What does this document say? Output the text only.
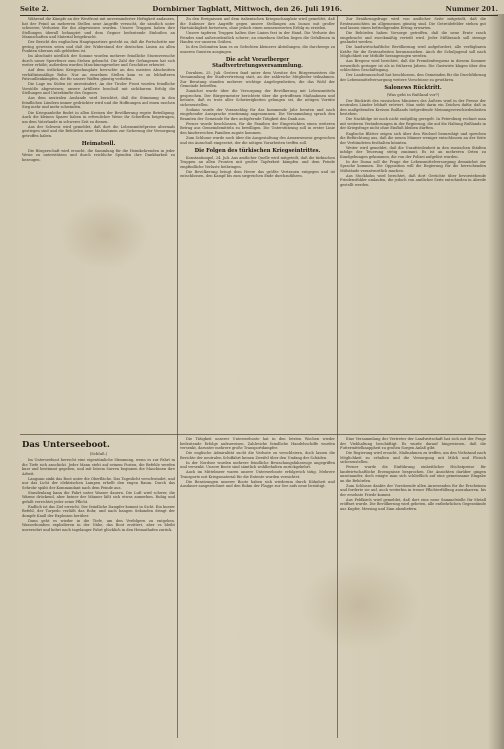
Seite 2.	Dornbirner Tagblatt, Mittwoch, den 26. Juli 1916.	Nummer 201.

Während die Kämpfe an der Westfront mit unverminderter Heftigkeit andauern, hat der Feind an mehreren Stellen neue Angriffe versucht, die sämtlich unter schweren Verlusten für ihn abgewiesen wurden. Unsere Truppen haben ihre Stellungen überall behauptet und dem Gegner bedeutende Einbußen an Mannschaften und Material beigebracht.

Der Bericht des englischen Hauptquartiers gesteht zu, daß die Fortschritte nur gering gewesen seien und daß der Widerstand der deutschen Linien an allen Punkten überaus zäh geblieben ist.

Im Abschnitt nördlich der Somme wurden mehrere feindliche Sturmversuche durch unser Sperrfeuer zum Stehen gebracht. Die Zahl der Gefangenen hat sich weiter erhöht; außerdem wurden Maschinengewehre und Geschütze erbeutet.

Auf dem östlichen Kriegsschauplatz herrschte an den meisten Abschnitten verhältnismäßige Ruhe. Nur an einzelnen Stellen kam es zu lebhafteren Patrouillenkämpfen, die für unsere Waffen günstig verliefen.

Die Lage im Süden ist unverändert. An der Tiroler Front wurden feindliche Vorstöße abgewiesen; unsere Artillerie beschoß mit sichtbarem Erfolg die Stellungen und Unterkünfte des Gegners.

Aus dem neutralen Auslande wird berichtet, daß die Stimmung in den feindlichen Ländern immer gedrückter wird und die Hoffnungen auf einen raschen Sieg mehr und mehr schwinden.

Die Kriegsanleihe findet in allen Kreisen der Bevölkerung regste Beteiligung. Auch die kleinen Sparer haben in erfreulicher Weise ihr Scherflein beigetragen, um dem Vaterlande in schwerer Zeit zu dienen.

Aus der Schweiz wird gemeldet, daß dort die Lebensmittelpreise abermals gestiegen sind und die Behörden neue Maßnahmen zur Sicherung der Versorgung getroffen haben.

Heimatsoll.

Die Bürgerschaft wird ersucht, die Sammlung für die Heimkehrenden in jeder Weise zu unterstützen und durch reichliche Spenden ihre Dankbarkeit zu bezeugen.

Zu den Ereignissen auf dem italienischen Kriegsschauplatz wird gemeldet, daß die Italiener ihre Angriffe gegen unsere Stellungen am Isonzo mit großer Hartnäckigkeit fortsetzen, ohne jedoch einen nennenswerten Erfolg zu erzielen.

Unsere tapferen Truppen halten ihre Linien fest in der Hand. Die Verluste des Feindes sind außerordentlich schwer; an einzelnen Stellen liegen die Gefallenen in Haufen vor unseren Gräben.

In den Dolomiten kam es zu Gefechten kleinerer Abteilungen, die durchwegs zu unseren Gunsten ausgingen.

Die acht Vorarlberger Stadtvertretungsversammlung.

Dornbirn, 25. Juli. Gestern fand unter dem Vorsitze des Bürgermeisters die Versammlung der Stadtvertretung statt, an der zahlreiche Mitglieder teilnahmen. Zur Beratung standen mehrere wichtige Angelegenheiten, die das Wohl der Gemeinde betreffen.

Zunächst wurde über die Versorgung der Bevölkerung mit Lebensmitteln gesprochen. Der Bürgermeister berichtete über die getroffenen Maßnahmen und betonte, daß es trotz aller Schwierigkeiten gelungen sei, die nötigen Vorräte sicherzustellen.

Sodann wurde der Voranschlag für das kommende Jahr beraten und nach eingehender Aussprache einstimmig angenommen. Die Versammlung sprach den Beamten der Gemeinde für ihre aufopfernde Tätigkeit den Dank aus.

Ferner wurde beschlossen, für die Familien der Eingerückten einen weiteren Betrag aus Gemeindemitteln zu bewilligen. Die Unterstützung soll in erster Linie den kinderreichen Familien zugute kommen.

Zum Schlusse wurde noch über die Ausgestaltung des Armenwesens gesprochen und ein Ausschuß eingesetzt, der die nötigen Vorarbeiten treffen soll.

Die Folgen des türkischen Kriegseintrittes.

Konstantinopel, 24. Juli. Aus amtlicher Quelle wird mitgeteilt, daß die türkischen Truppen an allen Fronten mit großer Tapferkeit kämpfen und dem Feinde empfindliche Verluste beibringen.

Die Bevölkerung bringt dem Heere das größte Vertrauen entgegen und ist entschlossen, den Kampf bis zum siegreichen Ende durchzuführen.

Zur Ernährungsfrage wird von amtlicher Seite mitgeteilt, daß die Ernteaussichten im allgemeinen günstig sind. Die Getreidefelder stehen gut und lassen einen befriedigenden Ertrag erwarten.

Die Behörden haben Vorsorge getroffen, daß die neue Ernte rasch eingebracht und zweckmäßig verteilt wird. Jeder Mißbrauch soll strenge geahndet werden.

Die landwirtschaftliche Bevölkerung wird aufgefordert, alle verfügbaren Kräfte für die Erntearbeiten heranzuziehen. Auch die Schuljugend soll nach Möglichkeit zur Mithilfe herangezogen werden.

Aus Bregenz wird berichtet, daß die Fremdenfrequenz in diesem Sommer wesentlich geringer ist als in früheren Jahren. Die Gastwirte klagen über den schlechten Geschäftsgang.

Der Landesausschuß hat beschlossen, den Gemeinden für die Durchführung der Lebensmittelversorgung weitere Vorschüsse zu gewähren.

Salonews Rücktritt.
(Was geht in Rußland vor?)

Der Rücktritt des russischen Ministers des Äußern wird in der Presse der neutralen Länder lebhaft erörtert. Man sieht darin ein Zeichen dafür, daß in den maßgebenden Kreisen Rußlands tiefgreifende Meinungsverschiedenheiten bestehen.

Die Nachfolge ist noch nicht endgültig geregelt. In Petersburg rechnet man mit weiteren Veränderungen in der Regierung, die auf die Haltung Rußlands in der Kriegsfrage nicht ohne Einfluß bleiben dürften.

Englische Blätter zeigen sich über den Wechsel beunruhigt und sprechen die Befürchtung aus, daß die neuen Männer weniger entschlossen an der Seite der Verbündeten festhalten könnten.

Weiter wird gemeldet, daß die Unzufriedenheit in den russischen Städten infolge der Teuerung stetig zunimmt. Es ist an mehreren Orten zu Kundgebungen gekommen, die von der Polizei aufgelöst wurden.

In der Duma soll die Frage der Lebensmittelversorgung demnächst zur Sprache kommen. Die Opposition will die Regierung für die herrschenden Mißstände verantwortlich machen.

Aus Stockholm wird berichtet, daß dort Gerüchte über bevorstehende Friedensfühler umlaufen, die jedoch von amtlicher Seite entschieden in Abrede gestellt werden.

Das Unterseeboot.
(Schluß.)

Im Unterseeboot herrscht eine eigentümliche Stimmung, wenn es zur Fahrt in die Tiefe sich anschickt. Jeder Mann steht auf seinem Posten, die Befehle werden kurz und bestimmt gegeben, und mit leisem Surren beginnen die Maschinen ihre Arbeit.

Langsam sinkt das Boot unter die Oberfläche. Das Tageslicht verschwindet, und nur das Licht der elektrischen Lampen erhellt den engen Raum. Durch das Sehrohr späht der Kommandant nach dem Feinde aus.

Stundenlang kann die Fahrt unter Wasser dauern. Die Luft wird schwer, die Wärme drückend, aber keiner der Männer läßt sich etwas anmerken. Ruhig und gefaßt verrichtet jeder seine Pflicht.

Endlich ist das Ziel erreicht. Der feindliche Dampfer kommt in Sicht. Ein kurzer Befehl, der Torpedo verläßt das Rohr, und nach bangen Sekunden dringt der dumpfe Knall der Explosion herüber.

Dann geht es wieder in die Tiefe, um den Verfolgern zu entgehen. Wasserbomben explodieren in der Nähe, das Boot erzittert, aber es bleibt unversehrt und kehrt nach tagelanger Fahrt glücklich in den Heimathafen zurück.

Die Tätigkeit unserer Unterseeboote hat in den letzten Wochen wieder bedeutende Erfolge aufzuweisen. Zahlreiche feindliche Handelsschiffe wurden versenkt, darunter mehrere große Transportdampfer.

Die englische Admiralität sucht die Verluste zu verschleiern, doch lassen die Berichte der neutralen Schiffahrt keinen Zweifel über den Umfang der Schäden.

In der Nordsee wurden mehrere feindliche Bewachungsfahrzeuge angegriffen und versenkt. Unsere Boote sind sämtlich wohlbehalten zurückgekehrt.

Auch im Mittelmeer waren unsere Unterseeboote erfolgreich tätig. Mehrere Transporte mit Kriegsmaterial für die Entente wurden vernichtet.

Die Besatzungen unserer Boote haben sich wiederum durch Kühnheit und Ausdauer ausgezeichnet und den Ruhm der Flagge zur See aufs neue bestätigt.

Eine Versammlung der Vertreter der Landwirtschaft hat sich mit der Frage der Viehhaltung beschäftigt. Es wurde darauf hingewiesen, daß die Futtermittelknappheit zu großen Sorgen Anlaß gibt.

Die Regierung wird ersucht, Maßnahmen zu treffen, um den Viehstand nach Möglichkeit zu erhalten und die Versorgung mit Milch und Fleisch sicherzustellen.

Ferner wurde die Einführung einheitlicher Höchstpreise für landwirtschaftliche Erzeugnisse besprochen. Die Ansichten darüber gingen auseinander, doch einigte man sich schließlich auf eine gemeinsame Eingabe an die Behörden.

Zum Schlusse dankte der Vorsitzende allen Anwesenden für ihr Erscheinen und forderte sie auf, auch weiterhin in treuer Pflichterfüllung auszuharren, bis der ersehnte Friede kommt.

Aus Feldkirch wird gemeldet, daß dort eine neue Sammelstelle für Metall eröffnet wurde. Die Bevölkerung wird gebeten, alle entbehrlichen Gegenstände aus Kupfer, Messing und Zinn abzuliefern.
